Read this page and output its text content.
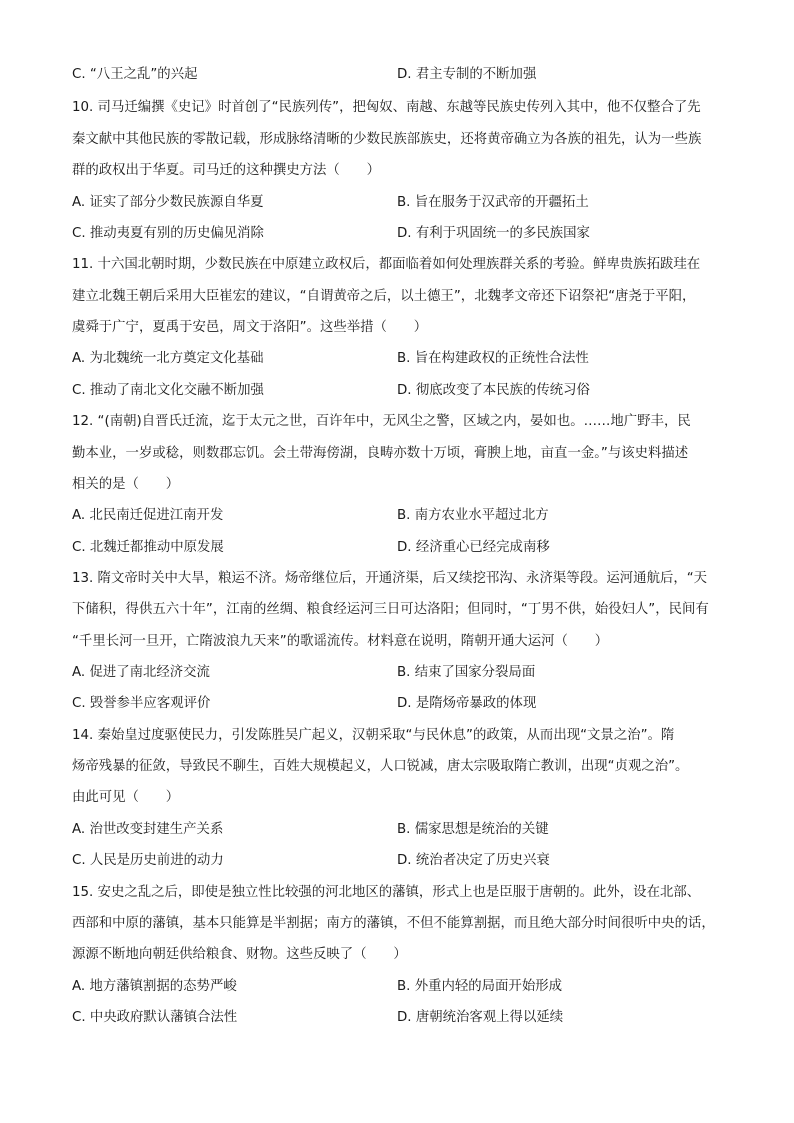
C. “八王之乱”的兴起	D. 君主专制的不断加强
10. 司马迁编撰《史记》时首创了“民族列传”，把匈奴、南越、东越等民族史传列入其中，他不仅整合了先
秦文献中其他民族的零散记载，形成脉络清晰的少数民族部族史，还将黄帝确立为各族的祖先，认为一些族
群的政权出于华夏。司马迁的这种撰史方法（　　）
A. 证实了部分少数民族源自华夏	B. 旨在服务于汉武帝的开疆拓土
C. 推动夷夏有别的历史偏见消除	D. 有利于巩固统一的多民族国家
11. 十六国北朝时期，少数民族在中原建立政权后，都面临着如何处理族群关系的考验。鲜卑贵族拓跋珪在
建立北魏王朝后采用大臣崔宏的建议，“自谓黄帝之后，以土德王”，北魏孝文帝还下诏祭祀“唐尧于平阳，
虞舜于广宁，夏禹于安邑，周文于洛阳”。这些举措（　　）
A. 为北魏统一北方奠定文化基础	B. 旨在构建政权的正统性合法性
C. 推动了南北文化交融不断加强	D. 彻底改变了本民族的传统习俗
12. “(南朝)自晋氏迁流，迄于太元之世，百许年中，无风尘之警，区域之内，晏如也。……地广野丰，民
勤本业，一岁或稔，则数郡忘饥。会土带海傍湖，良畴亦数十万顷，膏腴上地，亩直一金。”与该史料描述
相关的是（　　）
A. 北民南迁促进江南开发	B. 南方农业水平超过北方
C. 北魏迁都推动中原发展	D. 经济重心已经完成南移
13. 隋文帝时关中大旱，粮运不济。炀帝继位后，开通济渠，后又续挖邗沟、永济渠等段。运河通航后，“天
下储积，得供五六十年”，江南的丝绸、粮食经运河三日可达洛阳；但同时，“丁男不供，始役妇人”，民间有
“千里长河一旦开，亡隋波浪九天来”的歌谣流传。材料意在说明，隋朝开通大运河（　　）
A. 促进了南北经济交流	B. 结束了国家分裂局面
C. 毁誉参半应客观评价	D. 是隋炀帝暴政的体现
14. 秦始皇过度驱使民力，引发陈胜吴广起义，汉朝采取“与民休息”的政策，从而出现“文景之治”。隋
炀帝残暴的征敛，导致民不聊生，百姓大规模起义，人口锐减，唐太宗吸取隋亡教训，出现“贞观之治”。
由此可见（　　）
A. 治世改变封建生产关系	B. 儒家思想是统治的关键
C. 人民是历史前进的动力	D. 统治者决定了历史兴衰
15. 安史之乱之后，即使是独立性比较强的河北地区的藩镇，形式上也是臣服于唐朝的。此外，设在北部、
西部和中原的藩镇，基本只能算是半割据；南方的藩镇，不但不能算割据，而且绝大部分时间很听中央的话，
源源不断地向朝廷供给粮食、财物。这些反映了（　　）
A. 地方藩镇割据的态势严峻	B. 外重内轻的局面开始形成
C. 中央政府默认藩镇合法性	D. 唐朝统治客观上得以延续
